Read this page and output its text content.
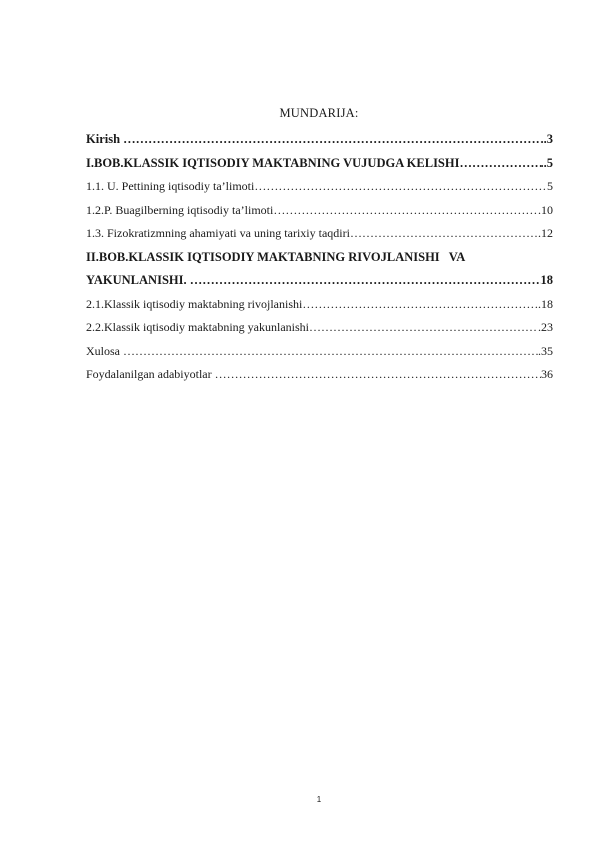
MUNDARIJA:
Kirish ……………………………………………………………………………………………………………………………………………………………………………	..3
I.BOB.KLASSIK IQTISODIY MAKTABNING VUJUDGA KELISHI ……………………………………………………………………………………………………………………………………………………………………………	..5
1.1. U. Pettining iqtisodiy ta’limoti ……………………………………………………………………………………………………………………………………………………………………………	5
1.2.P. Buagilberning iqtisodiy ta’limoti ……………………………………………………………………………………………………………………………………………………………………………	.10
1.3. Fizokratizmning ahamiyati va uning tarixiy taqdiri ……………………………………………………………………………………………………………………………………………………………………………	.12
II.BOB.KLASSIK IQTISODIY MAKTABNING RIVOJLANISHI   VA
YAKUNLANISHI. ……………………………………………………………………………………………………………………………………………………………………………	18
2.1.Klassik iqtisodiy maktabning rivojlanishi ……………………………………………………………………………………………………………………………………………………………………………	.18
2.2.Klassik iqtisodiy maktabning yakunlanishi ……………………………………………………………………………………………………………………………………………………………………………	.23
Xulosa ……………………………………………………………………………………………………………………………………………………………………………	.35
Foydalanilgan adabiyotlar ……………………………………………………………………………………………………………………………………………………………………………	36
1
